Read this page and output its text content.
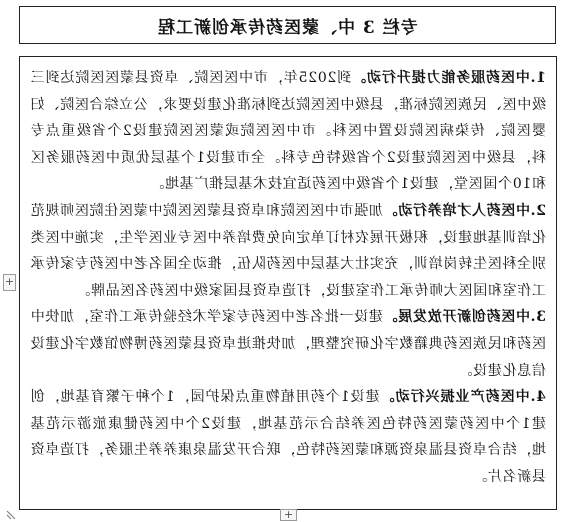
专栏 3 中、蒙医药传承创新工程

1.中医药服务能力提升行动。到2025年，市中医医院、卓资县蒙医医院达到三级中医、民族医院标准，县级中医医院达到标准化建设要求，公立综合医院、妇婴医院、传染病医院设置中医科。市中医医院或蒙医医院建设2个省级重点专科，县级中医医院建设2个省级特色专科。全市建设1个基层优质中医药服务区和10个国医堂，建设1个省级中医药适宜技术基层推广基地。

2.中医药人才培养行动。加强市中医医院和卓资县蒙医医院中蒙医住院医师规范化培训基地建设，积极开展农村订单定向免费培养中医专业医学生，实施中医类别全科医生转岗培训，充实壮大基层中医药队伍，推动全国名老中医药专家传承工作室和国医大师传承工作室建设，打造卓资县国家级中医药名医品牌。

3.中医药创新开放发展。建设一批名老中医药专家学术经验传承工作室，加快中医药和民族医药典籍数字化研究整理，加快推进卓资县蒙医药博物馆数字化建设信息化建设。

4.中医药产业振兴行动。建设1个药用植物重点保护园，1个种子繁育基地，创建1个中医药蒙医药特色医养结合示范基地，建设2个中医药健康旅游示范基地，结合卓资县温泉资源和蒙医药特色，联合开发温泉康养养生服务，打造卓资县新名片。

+
+
